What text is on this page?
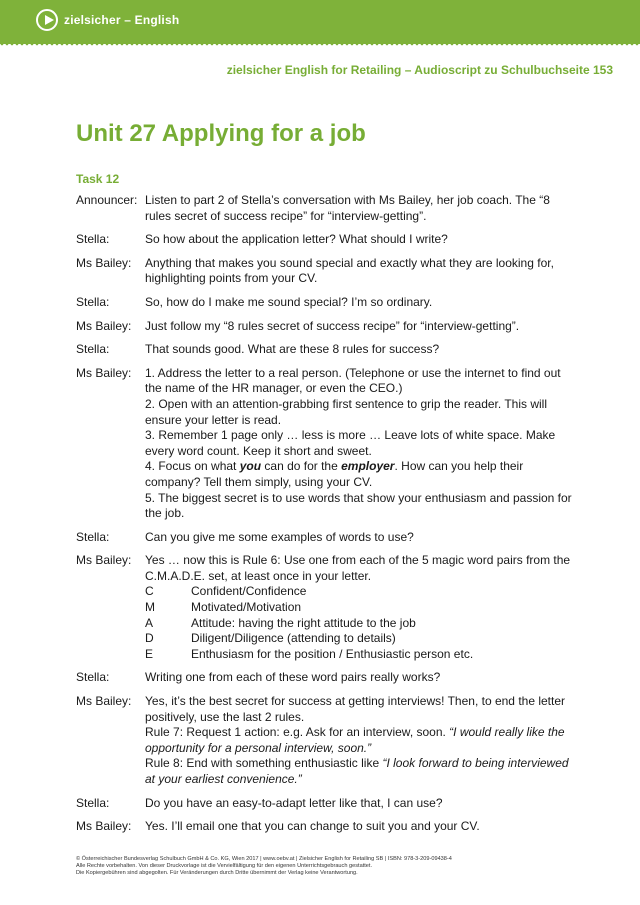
zielsicher – English
zielsicher English for Retailing – Audioscript zu Schulbuchseite 153
Unit 27 Applying for a job
Task 12
Announcer: Listen to part 2 of Stella’s conversation with Ms Bailey, her job coach. The “8 rules secret of success recipe” for “interview-getting”.
Stella:	So how about the application letter? What should I write?
Ms Bailey:	Anything that makes you sound special and exactly what they are looking for, highlighting points from your CV.
Stella:	So, how do I make me sound special? I’m so ordinary.
Ms Bailey:	Just follow my “8 rules secret of success recipe” for “interview-getting”.
Stella:	That sounds good. What are these 8 rules for success?
Ms Bailey:	1. Address the letter to a real person. (Telephone or use the internet to find out the name of the HR manager, or even the CEO.)

2. Open with an attention-grabbing first sentence to grip the reader. This will ensure your letter is read.

3. Remember 1 page only … less is more … Leave lots of white space. Make every word count. Keep it short and sweet.

4. Focus on what you can do for the employer. How can you help their company? Tell them simply, using your CV.

5. The biggest secret is to use words that show your enthusiasm and passion for the job.

Stella:	Can you give me some examples of words to use?
Ms Bailey:	Yes … now this is Rule 6: Use one from each of the 5 magic word pairs from the C.M.A.D.E. set, at least once in your letter.

C	Confident/Confidence
M	Motivated/Motivation
A	Attitude: having the right attitude to the job
D	Diligent/Diligence (attending to details)
E	Enthusiasm for the position / Enthusiastic person etc.
Stella:	Writing one from each of these word pairs really works?
Ms Bailey:	Yes, it’s the best secret for success at getting interviews! Then, to end the letter positively, use the last 2 rules.

Rule 7: Request 1 action: e.g. Ask for an interview, soon. “I would really like the opportunity for a personal interview, soon.”

Rule 8: End with something enthusiastic like “I look forward to being interviewed at your earliest convenience.”

Stella:	Do you have an easy-to-adapt letter like that, I can use?
Ms Bailey:	Yes. I’ll email one that you can change to suit you and your CV.
© Österreichischer Bundesverlag Schulbuch GmbH & Co. KG, Wien 2017 | www.oebv.at | Zielsicher English for Retailing SB | ISBN: 978-3-209-09438-4
Alle Rechte vorbehalten. Von dieser Druckvorlage ist die Vervielfältigung für den eigenen Unterrichtsgebrauch gestattet.
Die Kopiergebühren sind abgegolten. Für Veränderungen durch Dritte übernimmt der Verlag keine Verantwortung.
